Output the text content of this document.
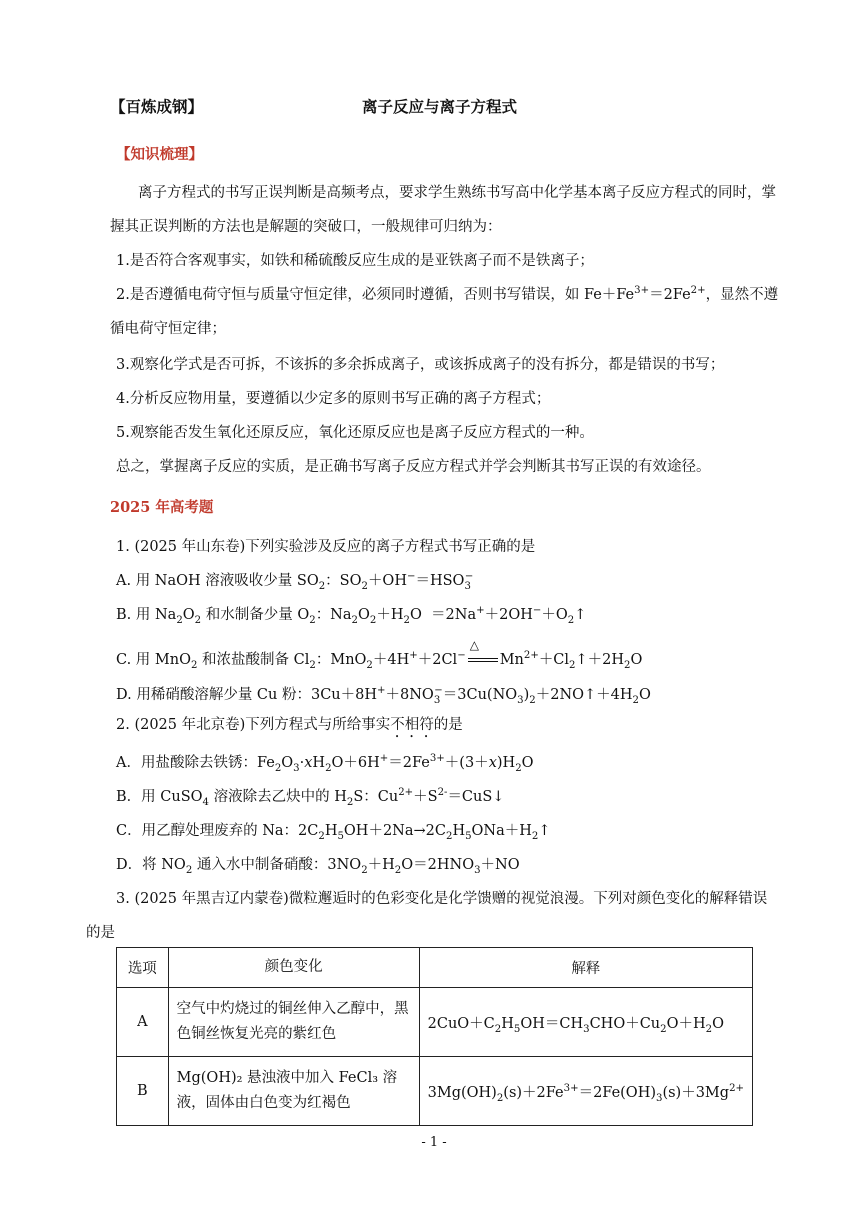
【百炼成钢】	离子反应与离子方程式
【知识梳理】
离子方程式的书写正误判断是高频考点，要求学生熟练书写高中化学基本离子反应方程式的同时，掌
握其正误判断的方法也是解题的突破口，一般规律可归纳为：
1.是否符合客观事实，如铁和稀硫酸反应生成的是亚铁离子而不是铁离子；
2.是否遵循电荷守恒与质量守恒定律，必须同时遵循，否则书写错误，如 $Fe+Fe^{3+}=2Fe^{2+}$，显然不遵
循电荷守恒定律；
3.观察化学式是否可拆，不该拆的多余拆成离子，或该拆成离子的没有拆分，都是错误的书写；
4.分析反应物用量，要遵循以少定多的原则书写正确的离子方程式；
5.观察能否发生氧化还原反应，氧化还原反应也是离子反应方程式的一种。
总之，掌握离子反应的实质，是正确书写离子反应方程式并学会判断其书写正误的有效途径。
2025 年高考题
1. (2025 年山东卷)下列实验涉及反应的离子方程式书写正确的是
A. 用 NaOH 溶液吸收少量 $SO_2$：$SO_2+OH^-=HSO_3^-$
B. 用 $Na_2O_2$ 和水制备少量 $O_2$：$Na_2O_2+H_2O$  $=2Na^++2OH^-+O_2↑$
C. 用 MnO$_2$ 和浓盐酸制备 $Cl_2$：MnO$_2$＋4H+＋2Cl−
△
$Mn^{2+}+Cl_2↑+2H_2O$
D. 用稀硝酸溶解少量 Cu 粉：$3Cu+8H^++8NO_3^-=3Cu(NO_3)_2+2NO↑+4H_2O$
2. (2025 年北京卷)下列方程式与所给事实不相符的是
A．用盐酸除去铁锈：$Fe_2O_3\cdot xH_2O+6H^+=2Fe^{3+}+(3+x)H_2O$
B．用 CuSO$_4$ 溶液除去乙炔中的 $H_2S$：$Cu^{2+}+S^{2-}=CuS↓$
C．用乙醇处理废弃的 Na：$2C_2H_5OH+2Na\to 2C_2H_5ONa+H_2↑$
D．将 $NO_2$ 通入水中制备硝酸：$3NO_2+H_2O=2HNO_3+NO$
3. (2025 年黑吉辽内蒙卷)微粒邂逅时的色彩变化是化学馈赠的视觉浪漫。下列对颜色变化的解释错误
的是
选项	颜色变化	解释
A	空气中灼烧过的铜丝伸入乙醇中，黑色铜丝恢复光亮的紫红色	$2CuO+C_2H_5OH=CH_3CHO+Cu_2O+H_2O$
B	Mg(OH)₂ 悬浊液中加入 FeCl₃ 溶液，固体由白色变为红褐色	$3Mg(OH)_2(s)+2Fe^{3+}=2Fe(OH)_3(s)+3Mg^{2+}$
- 1 -
